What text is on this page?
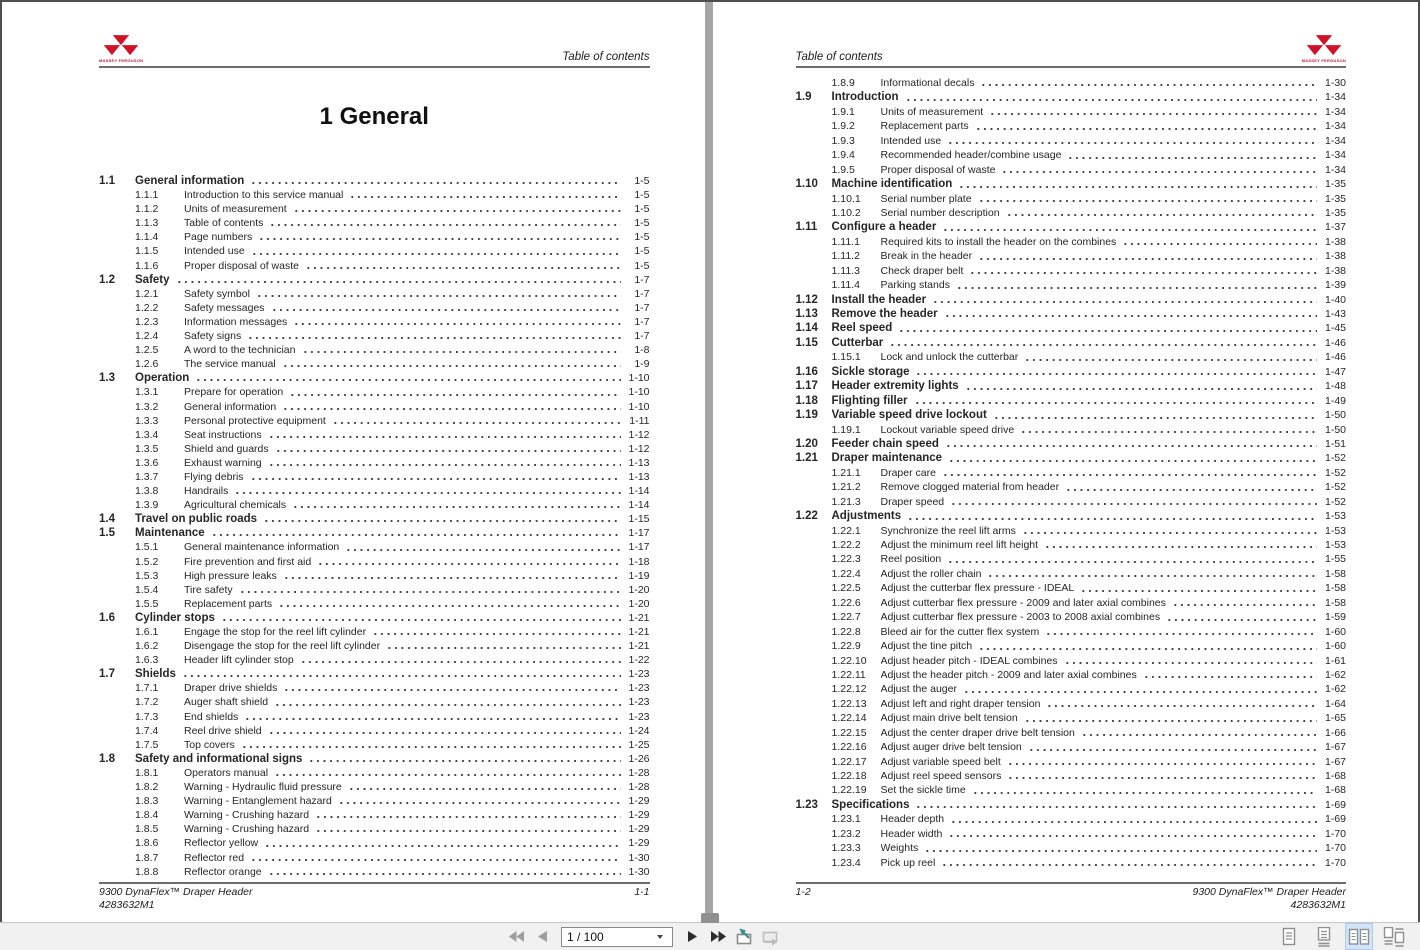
MASSEY FERGUSON	Table of contents
1 General
1.1	General information	1-5
1.1.1	Introduction to this service manual	1-5
1.1.2	Units of measurement	1-5
1.1.3	Table of contents	1-5
1.1.4	Page numbers	1-5
1.1.5	Intended use	1-5
1.1.6	Proper disposal of waste	1-5
1.2	Safety	1-7
1.2.1	Safety symbol	1-7
1.2.2	Safety messages	1-7
1.2.3	Information messages	1-7
1.2.4	Safety signs	1-7
1.2.5	A word to the technician	1-8
1.2.6	The service manual	1-9
1.3	Operation	1-10
1.3.1	Prepare for operation	1-10
1.3.2	General information	1-10
1.3.3	Personal protective equipment	1-11
1.3.4	Seat instructions	1-12
1.3.5	Shield and guards	1-12
1.3.6	Exhaust warning	1-13
1.3.7	Flying debris	1-13
1.3.8	Handrails	1-14
1.3.9	Agricultural chemicals	1-14
1.4	Travel on public roads	1-15
1.5	Maintenance	1-17
1.5.1	General maintenance information	1-17
1.5.2	Fire prevention and first aid	1-18
1.5.3	High pressure leaks	1-19
1.5.4	Tire safety	1-20
1.5.5	Replacement parts	1-20
1.6	Cylinder stops	1-21
1.6.1	Engage the stop for the reel lift cylinder	1-21
1.6.2	Disengage the stop for the reel lift cylinder	1-21
1.6.3	Header lift cylinder stop	1-22
1.7	Shields	1-23
1.7.1	Draper drive shields	1-23
1.7.2	Auger shaft shield	1-23
1.7.3	End shields	1-23
1.7.4	Reel drive shield	1-24
1.7.5	Top covers	1-25
1.8	Safety and informational signs	1-26
1.8.1	Operators manual	1-28
1.8.2	Warning - Hydraulic fluid pressure	1-28
1.8.3	Warning - Entanglement hazard	1-29
1.8.4	Warning - Crushing hazard	1-29
1.8.5	Warning - Crushing hazard	1-29
1.8.6	Reflector yellow	1-29
1.8.7	Reflector red	1-30
1.8.8	Reflector orange	1-30
9300 DynaFlex™ Draper Header
4283632M1
1-1
Table of contents	MASSEY FERGUSON
1.8.9	Informational decals	1-30
1.9	Introduction	1-34
1.9.1	Units of measurement	1-34
1.9.2	Replacement parts	1-34
1.9.3	Intended use	1-34
1.9.4	Recommended header/combine usage	1-34
1.9.5	Proper disposal of waste	1-34
1.10	Machine identification	1-35
1.10.1	Serial number plate	1-35
1.10.2	Serial number description	1-35
1.11	Configure a header	1-37
1.11.1	Required kits to install the header on the combines	1-38
1.11.2	Break in the header	1-38
1.11.3	Check draper belt	1-38
1.11.4	Parking stands	1-39
1.12	Install the header	1-40
1.13	Remove the header	1-43
1.14	Reel speed	1-45
1.15	Cutterbar	1-46
1.15.1	Lock and unlock the cutterbar	1-46
1.16	Sickle storage	1-47
1.17	Header extremity lights	1-48
1.18	Flighting filler	1-49
1.19	Variable speed drive lockout	1-50
1.19.1	Lockout variable speed drive	1-50
1.20	Feeder chain speed	1-51
1.21	Draper maintenance	1-52
1.21.1	Draper care	1-52
1.21.2	Remove clogged material from header	1-52
1.21.3	Draper speed	1-52
1.22	Adjustments	1-53
1.22.1	Synchronize the reel lift arms	1-53
1.22.2	Adjust the minimum reel lift height	1-53
1.22.3	Reel position	1-55
1.22.4	Adjust the roller chain	1-58
1.22.5	Adjust the cutterbar flex pressure - IDEAL	1-58
1.22.6	Adjust cutterbar flex pressure - 2009 and later axial combines	1-58
1.22.7	Adjust cutterbar flex pressure - 2003 to 2008 axial combines	1-59
1.22.8	Bleed air for the cutter flex system	1-60
1.22.9	Adjust the tine pitch	1-60
1.22.10	Adjust header pitch - IDEAL combines	1-61
1.22.11	Adjust the header pitch - 2009 and later axial combines	1-62
1.22.12	Adjust the auger	1-62
1.22.13	Adjust left and right draper tension	1-64
1.22.14	Adjust main drive belt tension	1-65
1.22.15	Adjust the center draper drive belt tension	1-66
1.22.16	Adjust auger drive belt tension	1-67
1.22.17	Adjust variable speed belt	1-67
1.22.18	Adjust reel speed sensors	1-68
1.22.19	Set the sickle time	1-68
1.23	Specifications	1-69
1.23.1	Header depth	1-69
1.23.2	Header width	1-70
1.23.3	Weights	1-70
1.23.4	Pick up reel	1-70
1-2	9300 DynaFlex™ Draper Header
4283632M1
1 / 100
